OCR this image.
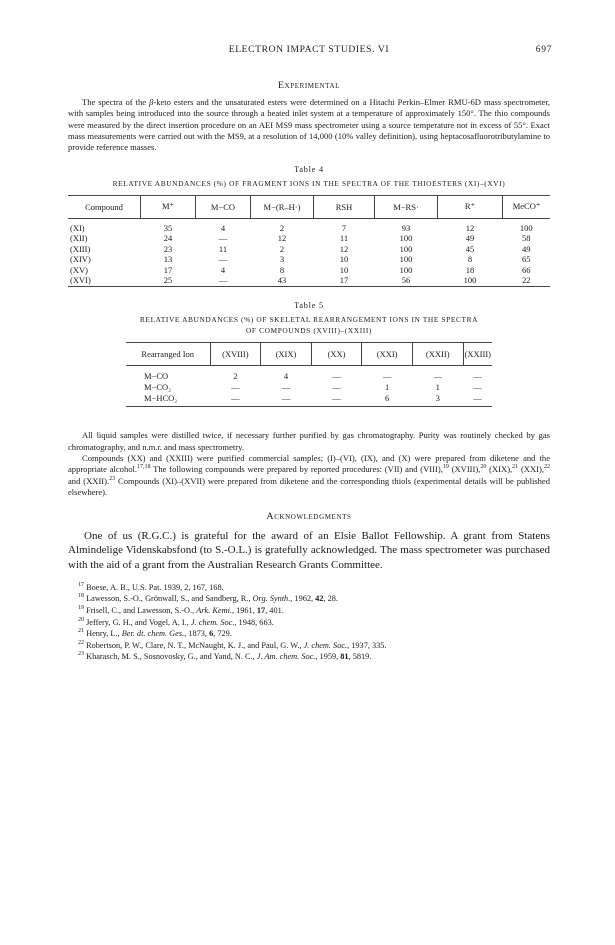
ELECTRON IMPACT STUDIES. VI	697
Experimental

The spectra of the β-keto esters and the unsaturated esters were determined on a Hitachi Perkin–Elmer RMU-6D mass spectrometer, with samples being introduced into the source through a heated inlet system at a temperature of approximately 150°. The thio compounds were measured by the direct insertion procedure on an AEI MS9 mass spectrometer using a source temperature not in excess of 55°. Exact mass measurements were carried out with the MS9, at a resolution of 14,000 (10% valley definition), using heptacosafluorotributylamine to provide reference masses.

Table 4
RELATIVE ABUNDANCES (%) OF FRAGMENT IONS IN THE SPECTRA OF THE THIOESTERS (XI)–(XVI)
Compound	M⁺	M−CO	M−(R–H·)	RSH	M−RS·	R⁺	MeCO⁺
(XI)	35	4	2	7	93	12	100
(XII)	24	—	12	11	100	49	58
(XIII)	23	11	2	12	100	45	49
(XIV)	13	—	3	10	100	8	65
(XV)	17	4	8	10	100	18	66
(XVI)	25	—	43	17	56	100	22
Table 5
RELATIVE ABUNDANCES (%) OF SKELETAL REARRANGEMENT IONS IN THE SPECTRA
OF COMPOUNDS (XVIII)–(XXIII)
Rearranged Ion	(XVIII)	(XIX)	(XX)	(XXI)	(XXII)	(XXIII)
M−CO	2	4	—	—	—	—
M−CO₂	—	—	—	1	1	—
M−HCO₂	—	—	—	6	3	—

All liquid samples were distilled twice, if necessary further purified by gas chromatography. Purity was routinely checked by gas chromatography, and n.m.r. and mass spectrometry.

Compounds (XX) and (XXIII) were purified commercial samples; (I)–(VI), (IX), and (X) were prepared from diketene and the appropriate alcohol.$^{17,18}$ The following compounds were prepared by reported procedures: (VII) and (VIII),$^{19}$ (XVIII),$^{20}$ (XIX),$^{21}$ (XXI),$^{22}$ and (XXII).$^{23}$ Compounds (XI)–(XVII) were prepared from diketene and the corresponding thiols (experimental details will be published elsewhere).

Acknowledgments

One of us (R.G.C.) is grateful for the award of an Elsie Ballot Fellowship. A grant from Statens Almindelige Videnskabsfond (to S.-O.L.) is gratefully acknowledged. The mass spectrometer was purchased with the aid of a grant from the Australian Research Grants Committee.

$^{17}$ Boese, A. B., U.S. Pat. 1939, 2, 167, 168.
$^{18}$ Lawesson, S.-O., Grönwall, S., and Sandberg, R., Org. Synth., 1962, 42, 28.
$^{19}$ Frisell, C., and Lawesson, S.-O., Ark. Kemi., 1961, 17, 401.
$^{20}$ Jeffery, G. H., and Vogel, A. I., J. chem. Soc., 1948, 663.
$^{21}$ Henry, L., Ber. dt. chem. Ges., 1873, 6, 729.
$^{22}$ Robertson, P. W., Clare, N. T., McNaught, K. J., and Paul, G. W., J. chem. Soc., 1937, 335.
$^{23}$ Kharasch, M. S., Sosnovosky, G., and Yand, N. C., J. Am. chem. Soc., 1959, 81, 5819.
